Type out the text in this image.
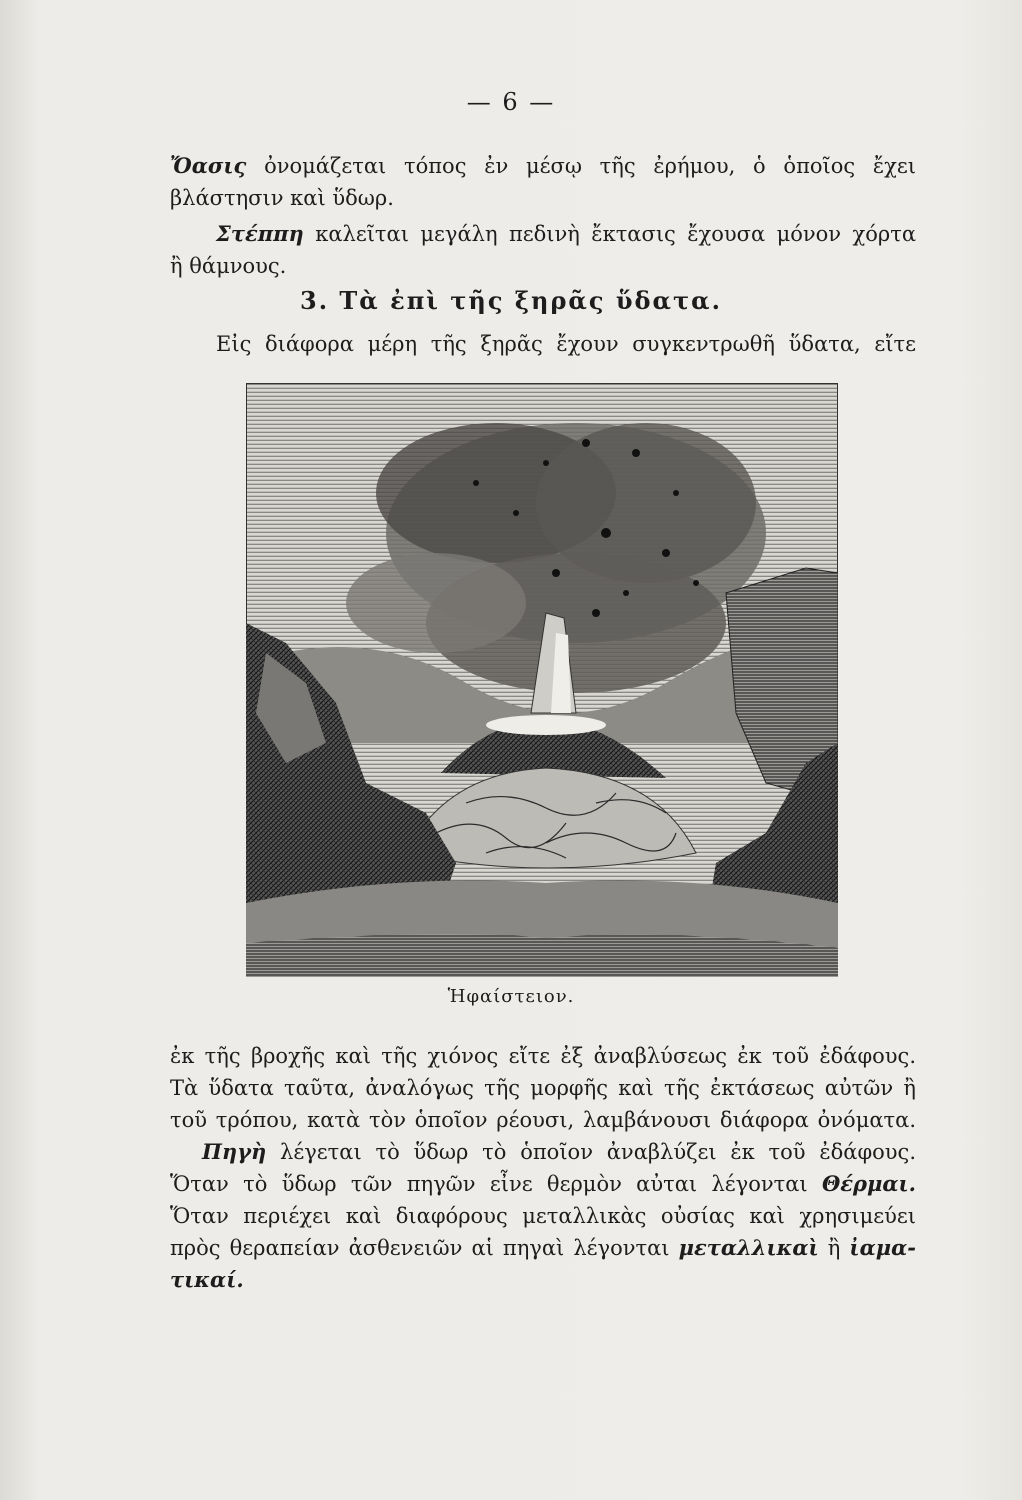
— 6 —
Ὄασις ὀνομάζεται τόπος ἐν μέσῳ τῆς ἐρήμου, ὁ ὁποῖος ἔχει
βλάστησιν καὶ ὕδωρ.
Στέππη καλεῖται μεγάλη πεδινὴ ἔκτασις ἔχουσα μόνον χόρτα
ἢ θάμνους.
3. Τὰ ἐπὶ τῆς ξηρᾶς ὕδατα.
Εἰς διάφορα μέρη τῆς ξηρᾶς ἔχουν συγκεντρωθῆ ὕδατα, εἴτε
Ἡφαίστειον.
ἐκ τῆς βροχῆς καὶ τῆς χιόνος εἴτε ἐξ ἀναβλύσεως ἐκ τοῦ ἐδάφους.
Τὰ ὕδατα ταῦτα, ἀναλόγως τῆς μορφῆς καὶ τῆς ἐκτάσεως αὐτῶν ἢ
τοῦ τρόπου, κατὰ τὸν ὁποῖον ρέουσι, λαμβάνουσι διάφορα ὀνόματα.
Πηγὴ λέγεται τὸ ὕδωρ τὸ ὁποῖον ἀναβλύζει ἐκ τοῦ ἐδάφους.
Ὅταν τὸ ὕδωρ τῶν πηγῶν εἶνε θερμὸν αὐται λέγονται Θέρμαι.
Ὅταν περιέχει καὶ διαφόρους μεταλλικὰς οὐσίας καὶ χρησιμεύει
πρὸς θεραπείαν ἀσθενειῶν αἱ πηγαὶ λέγονται μεταλλικαὶ ἢ ἰαμα-
τικαί.
